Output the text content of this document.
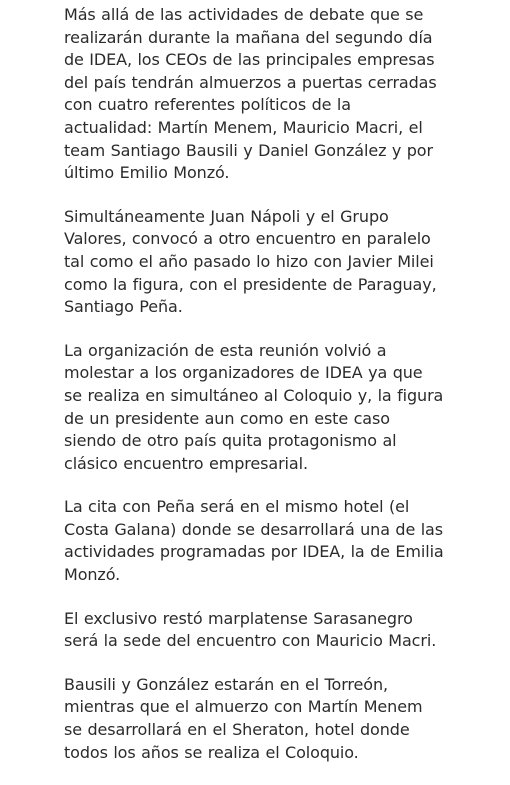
Más allá de las actividades de debate que se realizarán durante la mañana del segundo día de IDEA, los CEOs de las principales empresas del país tendrán almuerzos a puertas cerradas con cuatro referentes políticos de la actualidad: Martín Menem, Mauricio Macri, el team Santiago Bausili y Daniel González y por último Emilio Monzó.

Simultáneamente Juan Nápoli y el Grupo Valores, convocó a otro encuentro en paralelo tal como el año pasado lo hizo con Javier Milei como la figura, con el presidente de Paraguay, Santiago Peña.

La organización de esta reunión volvió a molestar a los organizadores de IDEA ya que se realiza en simultáneo al Coloquio y, la figura de un presidente aun como en este caso siendo de otro país quita protagonismo al clásico encuentro empresarial.

La cita con Peña será en el mismo hotel (el Costa Galana) donde se desarrollará una de las actividades programadas por IDEA, la de Emilia Monzó.

El exclusivo restó marplatense Sarasanegro será la sede del encuentro con Mauricio Macri.

Bausili y González estarán en el Torreón, mientras que el almuerzo con Martín Menem se desarrollará en el Sheraton, hotel donde todos los años se realiza el Coloquio.
